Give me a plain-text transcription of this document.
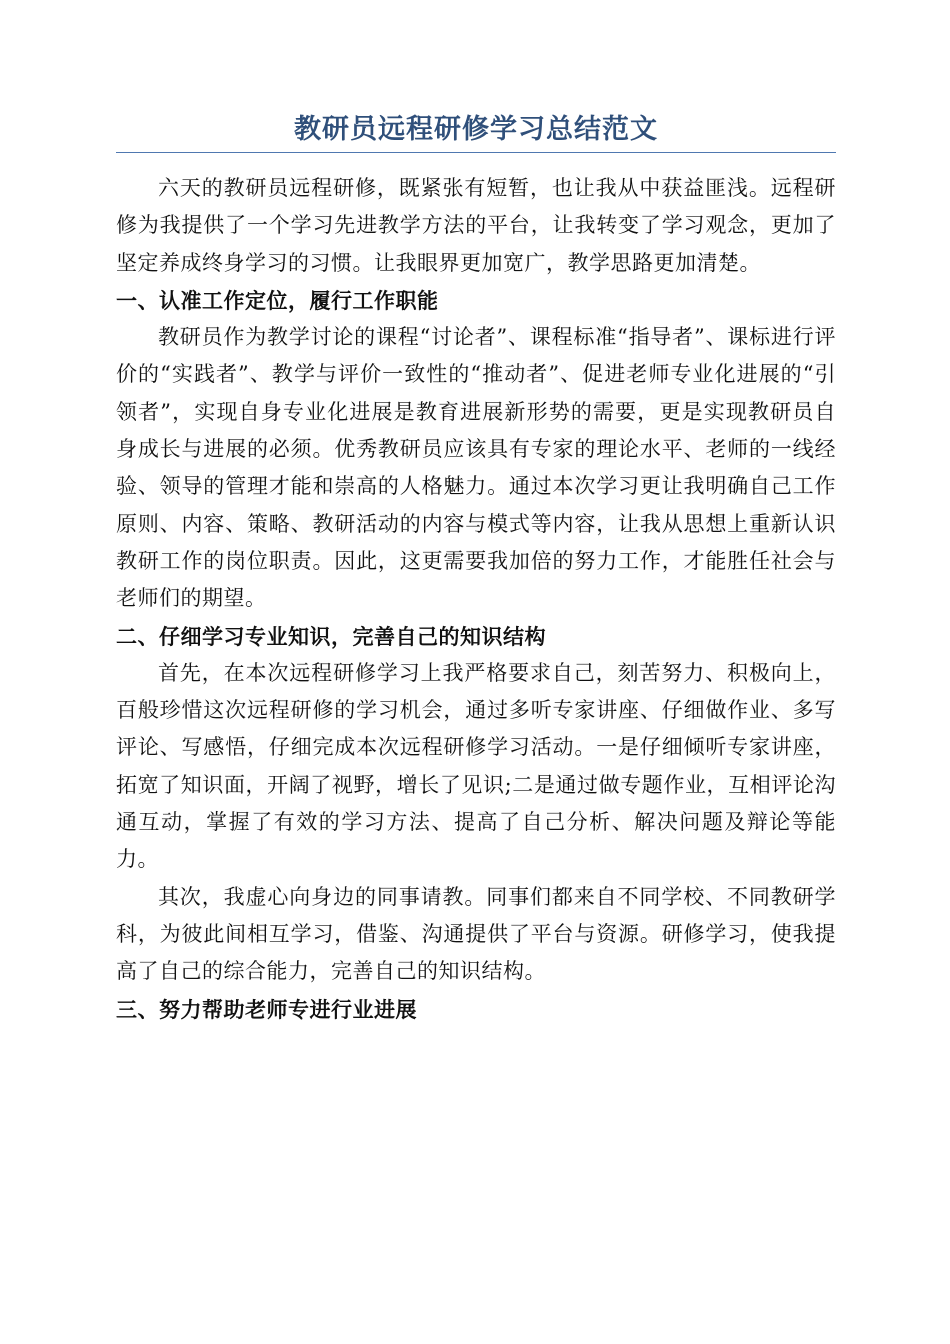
教研员远程研修学习总结范文

六天的教研员远程研修，既紧张有短暂，也让我从中获益匪浅。远程研修为我提供了一个学习先进教学方法的平台，让我转变了学习观念，更加了坚定养成终身学习的习惯。让我眼界更加宽广，教学思路更加清楚。

一、认准工作定位，履行工作职能

教研员作为教学讨论的课程“讨论者”、课程标准“指导者”、课标进行评价的“实践者”、教学与评价一致性的“推动者”、促进老师专业化进展的“引领者”，实现自身专业化进展是教育进展新形势的需要，更是实现教研员自身成长与进展的必须。优秀教研员应该具有专家的理论水平、老师的一线经验、领导的管理才能和崇高的人格魅力。通过本次学习更让我明确自己工作原则、内容、策略、教研活动的内容与模式等内容，让我从思想上重新认识教研工作的岗位职责。因此，这更需要我加倍的努力工作，才能胜任社会与老师们的期望。

二、仔细学习专业知识，完善自己的知识结构

首先，在本次远程研修学习上我严格要求自己，刻苦努力、积极向上，百般珍惜这次远程研修的学习机会，通过多听专家讲座、仔细做作业、多写评论、写感悟，仔细完成本次远程研修学习活动。一是仔细倾听专家讲座，拓宽了知识面，开阔了视野，增长了见识;二是通过做专题作业，互相评论沟通互动，掌握了有效的学习方法、提高了自己分析、解决问题及辩论等能力。

其次，我虚心向身边的同事请教。同事们都来自不同学校、不同教研学科，为彼此间相互学习，借鉴、沟通提供了平台与资源。研修学习，使我提高了自己的综合能力，完善自己的知识结构。

三、努力帮助老师专进行业进展
